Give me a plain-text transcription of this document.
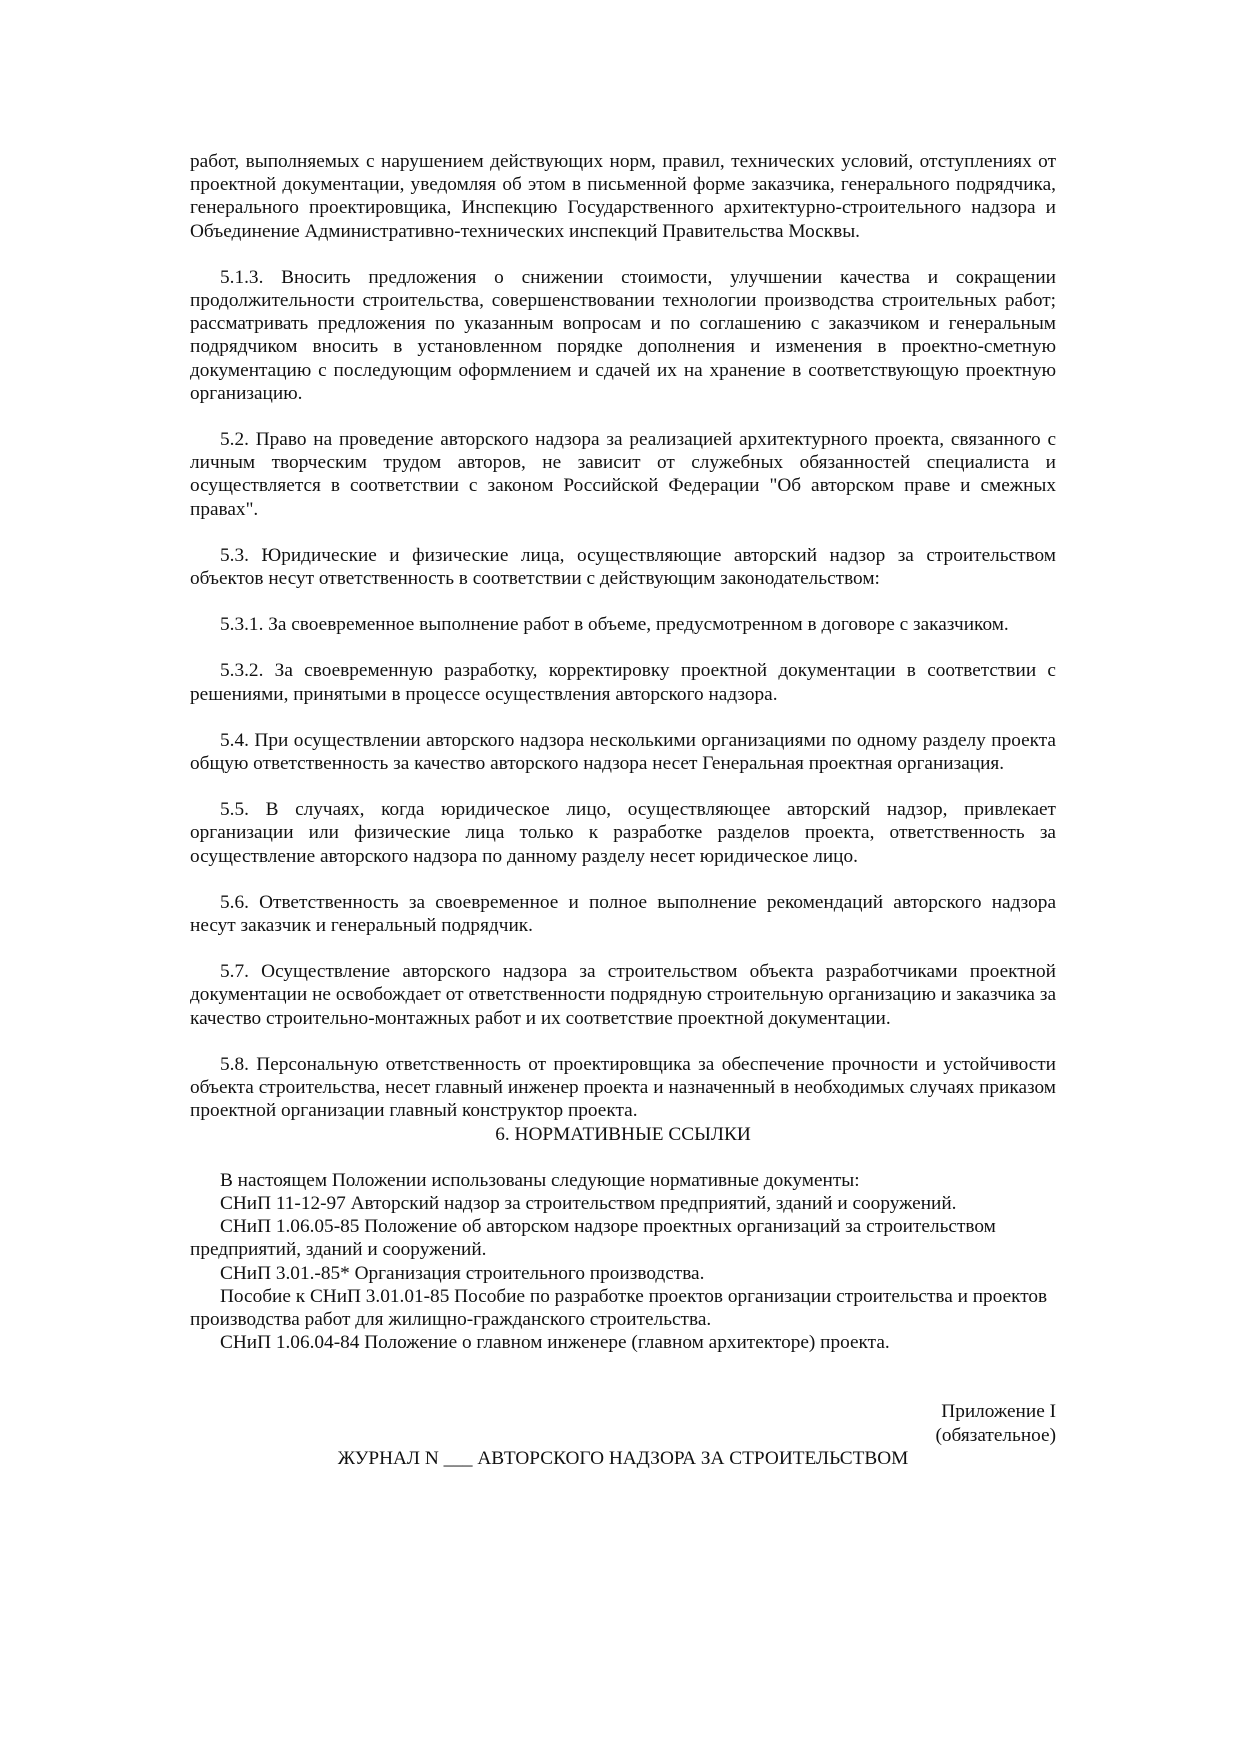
работ, выполняемых с нарушением действующих норм, правил, технических условий, отступлениях от проектной документации, уведомляя об этом в письменной форме заказчика, генерального подрядчика, генерального проектировщика, Инспекцию Государственного архитектурно-строительного надзора и Объединение Административно-технических инспекций Правительства Москвы.

5.1.3. Вносить предложения о снижении стоимости, улучшении качества и сокращении продолжительности строительства, совершенствовании технологии производства строительных работ; рассматривать предложения по указанным вопросам и по соглашению с заказчиком и генеральным подрядчиком вносить в установленном порядке дополнения и изменения в проектно-сметную документацию с последующим оформлением и сдачей их на хранение в соответствующую проектную организацию.

5.2. Право на проведение авторского надзора за реализацией архитектурного проекта, связанного с личным творческим трудом авторов, не зависит от служебных обязанностей специалиста и осуществляется в соответствии с законом Российской Федерации "Об авторском праве и смежных правах".

5.3. Юридические и физические лица, осуществляющие авторский надзор за строительством объектов несут ответственность в соответствии с действующим законодательством:

5.3.1. За своевременное выполнение работ в объеме, предусмотренном в договоре с заказчиком.

5.3.2. За своевременную разработку, корректировку проектной документации в соответствии с решениями, принятыми в процессе осуществления авторского надзора.

5.4. При осуществлении авторского надзора несколькими организациями по одному разделу проекта общую ответственность за качество авторского надзора несет Генеральная проектная организация.

5.5. В случаях, когда юридическое лицо, осуществляющее авторский надзор, привлекает организации или физические лица только к разработке разделов проекта, ответственность за осуществление авторского надзора по данному разделу несет юридическое лицо.

5.6. Ответственность за своевременное и полное выполнение рекомендаций авторского надзора несут заказчик и генеральный подрядчик.

5.7. Осуществление авторского надзора за строительством объекта разработчиками проектной документации не освобождает от ответственности подрядную строительную организацию и заказчика за качество строительно-монтажных работ и их соответствие проектной документации.

5.8. Персональную ответственность от проектировщика за обеспечение прочности и устойчивости объекта строительства, несет главный инженер проекта и назначенный в необходимых случаях приказом проектной организации главный конструктор проекта.

6. НОРМАТИВНЫЕ ССЫЛКИ

В настоящем Положении использованы следующие нормативные документы:

СНиП 11-12-97 Авторский надзор за строительством предприятий, зданий и сооружений.

СНиП 1.06.05-85 Положение об авторском надзоре проектных организаций за строительством предприятий, зданий и сооружений.

СНиП 3.01.-85* Организация строительного производства.

Пособие к СНиП 3.01.01-85 Пособие по разработке проектов организации строительства и проектов производства работ для жилищно-гражданского строительства.

СНиП 1.06.04-84 Положение о главном инженере (главном архитекторе) проекта.

Приложение I

(обязательное)

ЖУРНАЛ N ___ АВТОРСКОГО НАДЗОРА ЗА СТРОИТЕЛЬСТВОМ
